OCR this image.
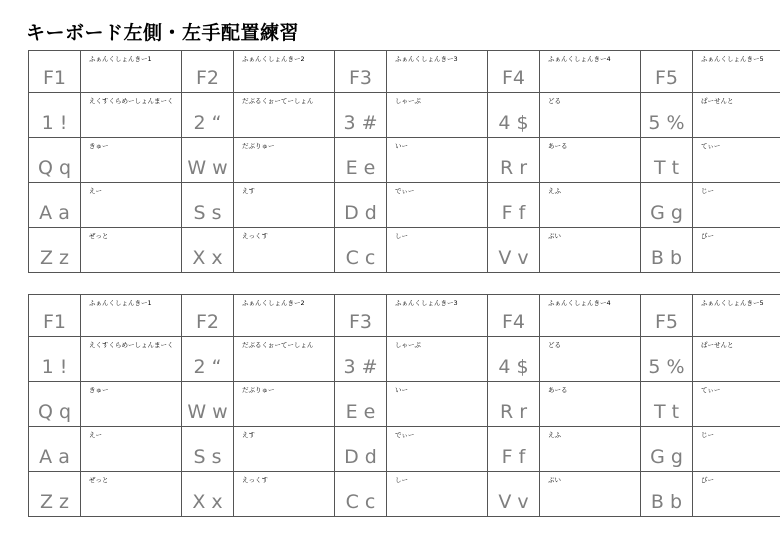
キーボード左側・左手配置練習
F1	ふぁんくしょんきー1	F2	ふぁんくしょんきー2	F3	ふぁんくしょんきー3	F4	ふぁんくしょんきー4	F5	ふぁんくしょんきー5
1 !	えくすくらめーしょんまーく	2 “	だぶるくぉーてーしょん	3 #	しゃーぷ	4 $	どる	5 %	ぱーせんと
Q q	きゅー	W w	だぶりゅー	E e	いー	R r	あーる	T t	てぃー
A a	えー	S s	えす	D d	でぃー	F f	えふ	G g	じー
Z z	ぜっと	X x	えっくす	C c	しー	V v	ぶい	B b	びー
F1	ふぁんくしょんきー1	F2	ふぁんくしょんきー2	F3	ふぁんくしょんきー3	F4	ふぁんくしょんきー4	F5	ふぁんくしょんきー5
1 !	えくすくらめーしょんまーく	2 “	だぶるくぉーてーしょん	3 #	しゃーぷ	4 $	どる	5 %	ぱーせんと
Q q	きゅー	W w	だぶりゅー	E e	いー	R r	あーる	T t	てぃー
A a	えー	S s	えす	D d	でぃー	F f	えふ	G g	じー
Z z	ぜっと	X x	えっくす	C c	しー	V v	ぶい	B b	びー
